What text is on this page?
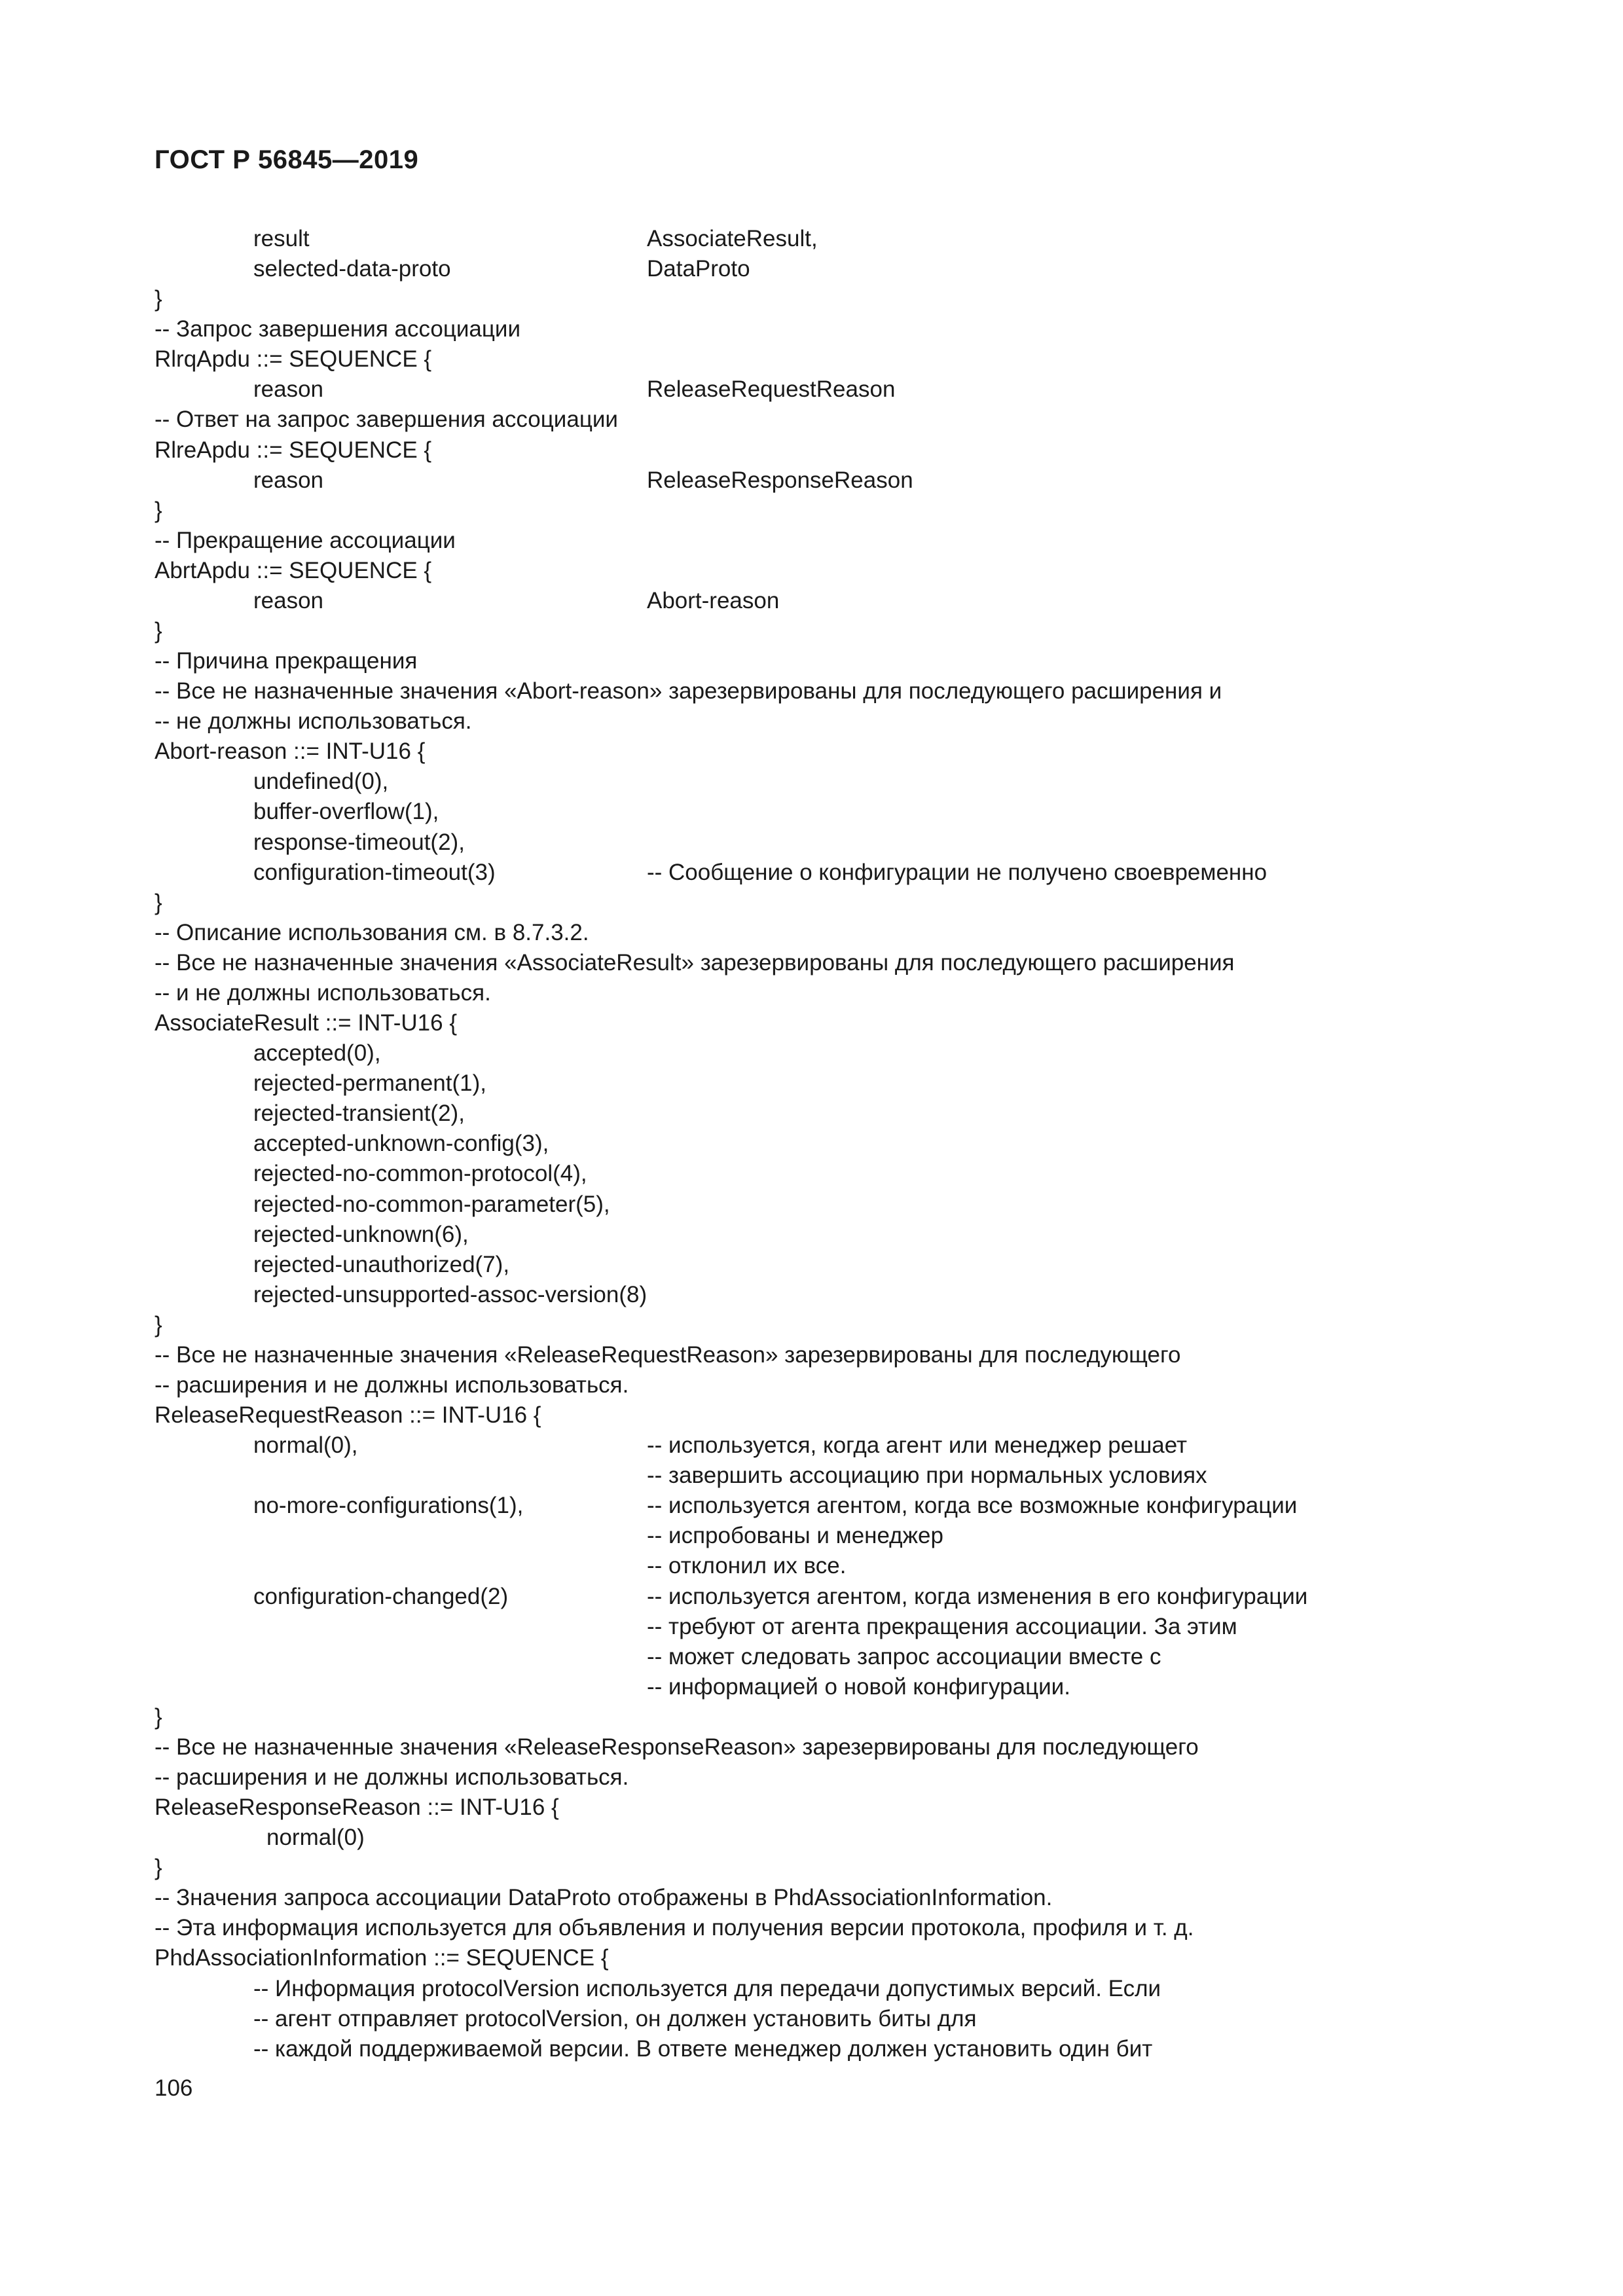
ГОСТ Р 56845—2019
result	AssociateResult,
selected-data-proto	DataProto
}
-- Запрос завершения ассоциации
RlrqApdu ::= SEQUENCE {
reason	ReleaseRequestReason
-- Ответ на запрос завершения ассоциации
RlreApdu ::= SEQUENCE {
reason	ReleaseResponseReason
}
-- Прекращение ассоциации
AbrtApdu ::= SEQUENCE {
reason	Abort-reason
}
-- Причина прекращения
-- Все не назначенные значения «Abort-reason» зарезервированы для последующего расширения и
-- не должны использоваться.
Abort-reason ::= INT-U16 {
undefined(0),
buffer-overflow(1),
response-timeout(2),
configuration-timeout(3)	-- Сообщение о конфигурации не получено своевременно
}
-- Описание использования см. в 8.7.3.2.
-- Все не назначенные значения «AssociateResult» зарезервированы для последующего расширения
-- и не должны использоваться.
AssociateResult ::= INT-U16 {
accepted(0),
rejected-permanent(1),
rejected-transient(2),
accepted-unknown-config(3),
rejected-no-common-protocol(4),
rejected-no-common-parameter(5),
rejected-unknown(6),
rejected-unauthorized(7),
rejected-unsupported-assoc-version(8)
}
-- Все не назначенные значения «ReleaseRequestReason» зарезервированы для последующего
-- расширения и не должны использоваться.
ReleaseRequestReason ::= INT-U16 {
normal(0),	-- используется, когда агент или менеджер решает
-- завершить ассоциацию при нормальных условиях
no-more-configurations(1),	-- используется агентом, когда все возможные конфигурации
-- испробованы и менеджер
-- отклонил их все.
configuration-changed(2)	-- используется агентом, когда изменения в его конфигурации
-- требуют от агента прекращения ассоциации. За этим
-- может следовать запрос ассоциации вместе с
-- информацией о новой конфигурации.
}
-- Все не назначенные значения «ReleaseResponseReason» зарезервированы для последующего
-- расширения и не должны использоваться.
ReleaseResponseReason ::= INT-U16 {
normal(0)
}
-- Значения запроса ассоциации DataProto отображены в PhdAssociationInformation.
-- Эта информация используется для объявления и получения версии протокола, профиля и т. д.
PhdAssociationInformation ::= SEQUENCE {
-- Информация protocolVersion используется для передачи допустимых версий. Если
-- агент отправляет protocolVersion, он должен установить биты для
-- каждой поддерживаемой версии. В ответе менеджер должен установить один бит
106
